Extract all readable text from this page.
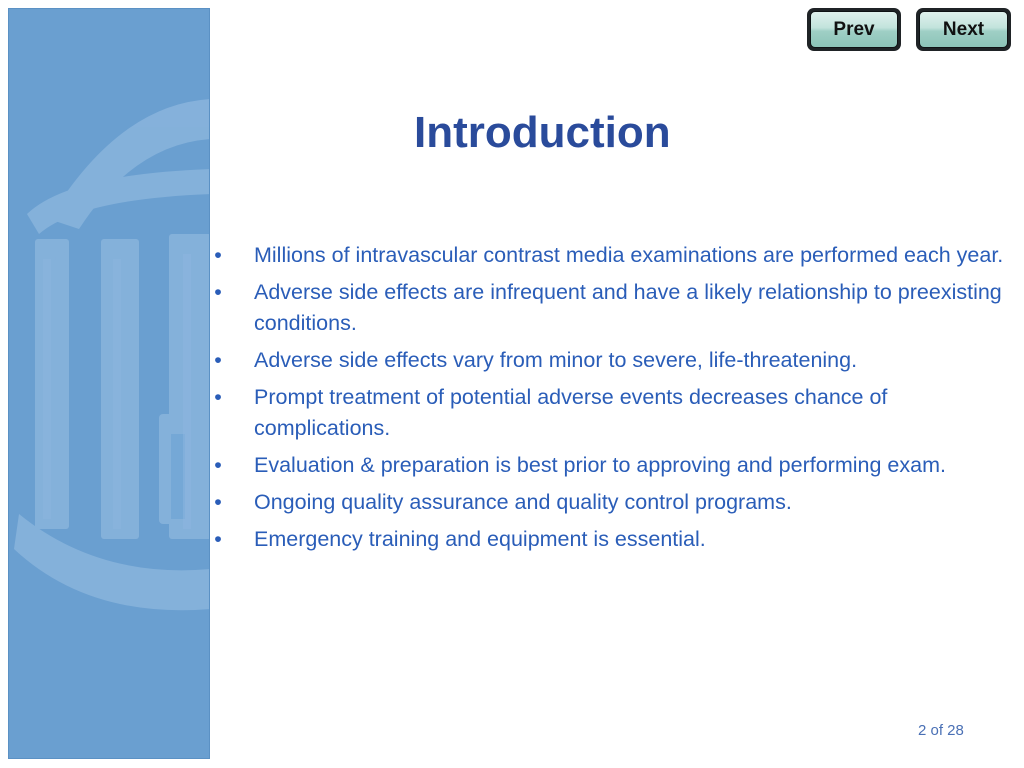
Prev	Next
Introduction
• Millions of intravascular contrast media examinations are performed each year.
• Adverse side effects are infrequent and have a likely relationship to preexisting conditions.
• Adverse side effects vary from minor to severe, life-threatening.
• Prompt treatment of potential adverse events decreases chance of complications.
• Evaluation & preparation is best prior to approving and performing exam.
• Ongoing quality assurance and quality control programs.
• Emergency training and equipment is essential.
2 of 28
